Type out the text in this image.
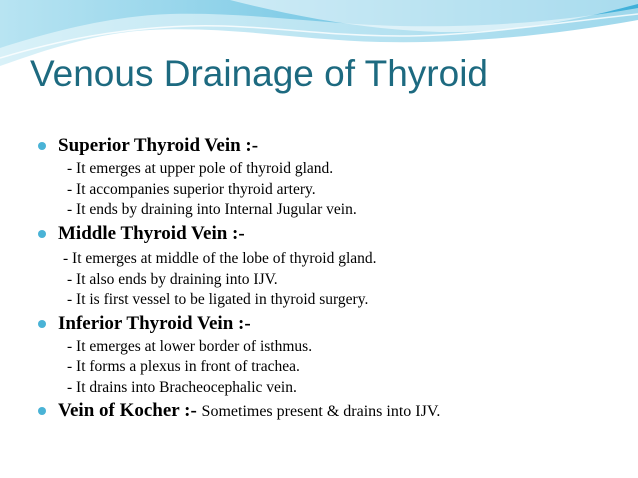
Venous Drainage of Thyroid
Superior Thyroid Vein :-
- It emerges at upper pole of thyroid gland.
- It accompanies superior thyroid artery.
- It ends by draining into Internal Jugular vein.
Middle Thyroid Vein :-
- It emerges at middle of the lobe of thyroid gland.
- It also ends by draining into IJV.
- It is first vessel to be ligated in thyroid surgery.
Inferior Thyroid Vein :-
- It emerges at lower border of isthmus.
- It forms a plexus in front of trachea.
- It drains into Bracheocephalic vein.
Vein of Kocher :- Sometimes present & drains into IJV.
